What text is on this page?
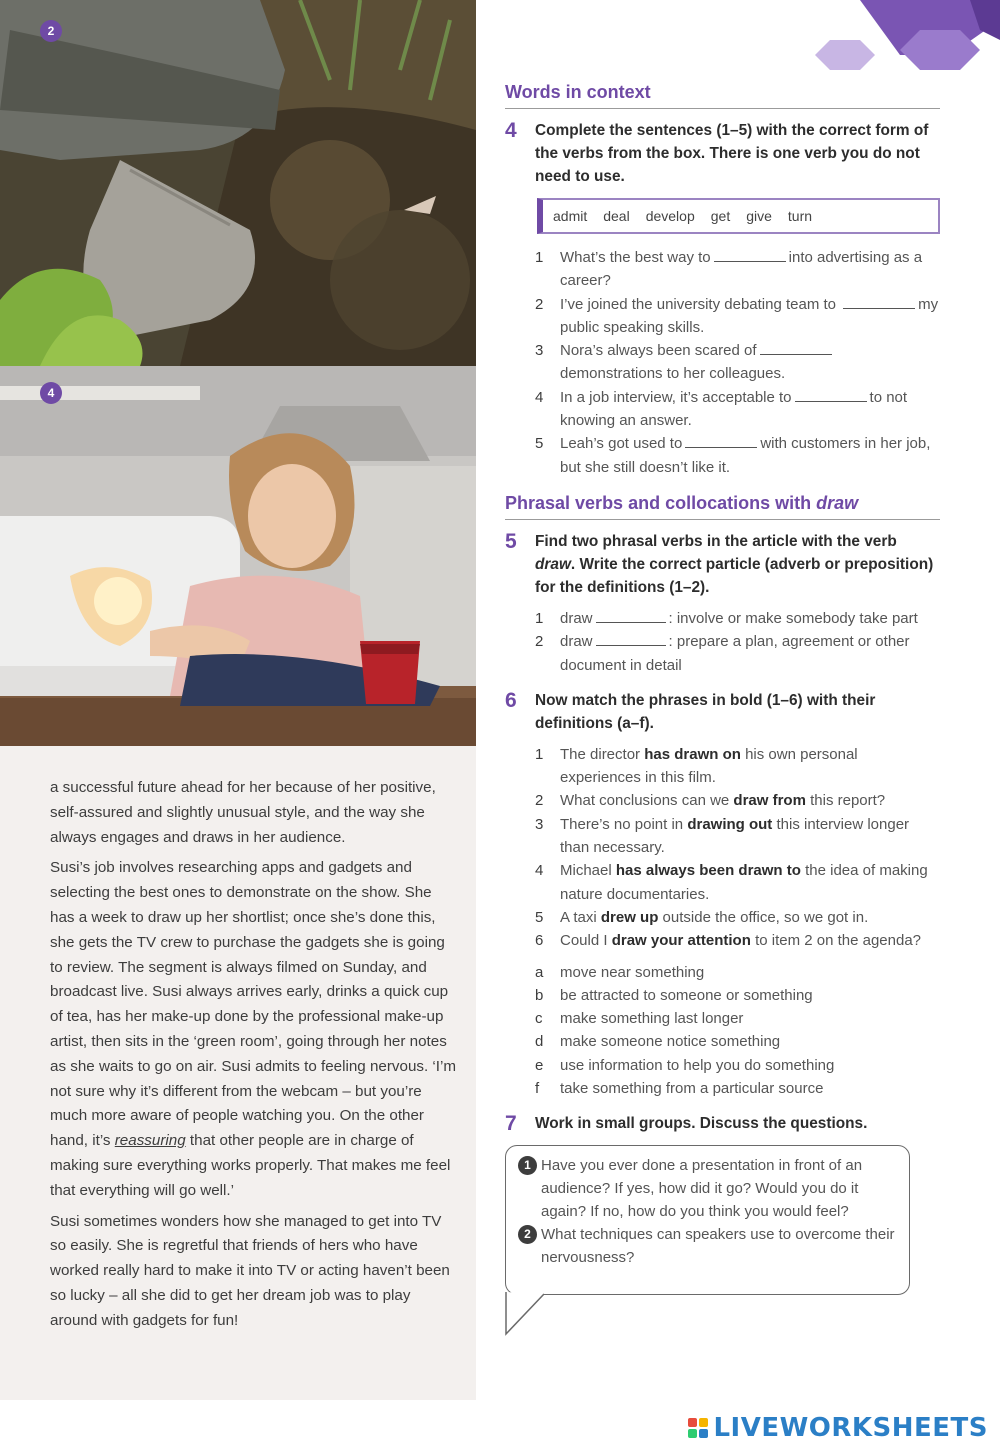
2
4

a successful future ahead for her because of her positive, self-assured and slightly unusual style, and the way she always engages and draws in her audience.

Susi’s job involves researching apps and gadgets and selecting the best ones to demonstrate on the show. She has a week to draw up her shortlist; once she’s done this, she gets the TV crew to purchase the gadgets she is going to review. The segment is always filmed on Sunday, and broadcast live. Susi always arrives early, drinks a quick cup of tea, has her make-up done by the professional make-up artist, then sits in the ‘green room’, going through her notes as she waits to go on air. Susi admits to feeling nervous. ‘I’m not sure why it’s different from the webcam – but you’re much more aware of people watching you. On the other hand, it’s reassuring that other people are in charge of making sure everything works properly. That makes me feel that everything will go well.’

Susi sometimes wonders how she managed to get into TV so easily. She is regretful that friends of hers who have worked really hard to make it into TV or acting haven’t been so lucky – all she did to get her dream job was to play around with gadgets for fun!

Words in context
4	Complete the sentences (1–5) with the correct form of the verbs from the box. There is one verb you do not need to use.
admit deal develop get give turn
1	What’s the best way to	into advertising as a career?
2	I’ve joined the university debating team to	my public speaking skills.
3	Nora’s always been scared of demonstrations to her colleagues.
4	In a job interview, it’s acceptable to	to not knowing an answer.
5	Leah’s got used to	with customers in her job, but she still doesn’t like it.
Phrasal verbs and collocations with draw
5	Find two phrasal verbs in the article with the verb draw. Write the correct particle (adverb or preposition) for the definitions (1–2).
1	draw	: involve or make somebody take part
2	draw	: prepare a plan, agreement or other document in detail
6	Now match the phrases in bold (1–6) with their definitions (a–f).
1	The director has drawn on his own personal experiences in this film.
2	What conclusions can we draw from this report?
3	There’s no point in drawing out this interview longer than necessary.
4	Michael has always been drawn to the idea of making nature documentaries.
5	A taxi drew up outside the office, so we got in.
6	Could I draw your attention to item 2 on the agenda?
a	move near something
b	be attracted to someone or something
c	make something last longer
d	make someone notice something
e	use information to help you do something
f	take something from a particular source
7	Work in small groups. Discuss the questions.
1 Have you ever done a presentation in front of an audience? If yes, how did it go? Would you do it again? If no, how do you think you would feel?
2 What techniques can speakers use to overcome their nervousness?
LIVEWORKSHEETS
